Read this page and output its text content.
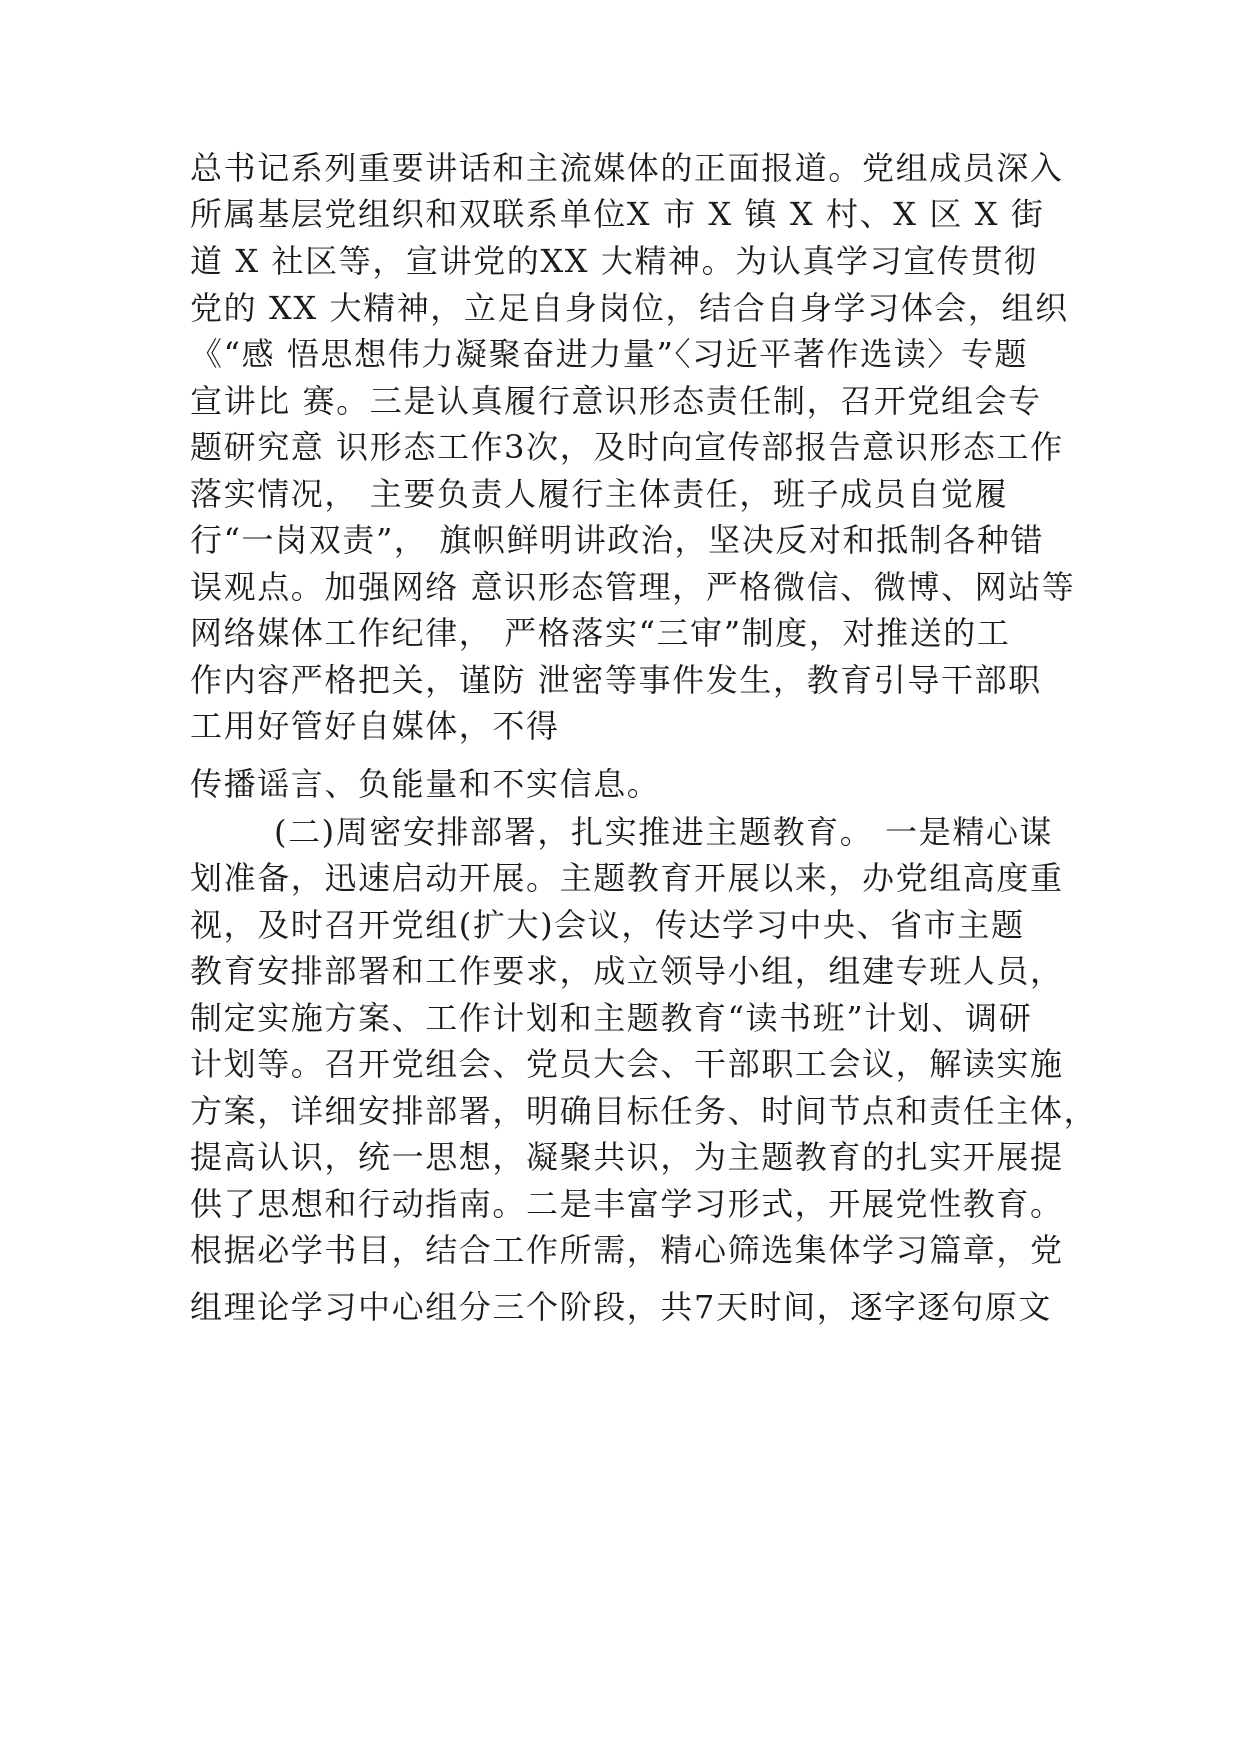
总书记系列重要讲话和主流媒体的正面报道。党组成员深入
所属基层党组织和双联系单位X 市 X 镇 X 村、X 区 X 街
道 X 社区等，宣讲党的XX 大精神。为认真学习宣传贯彻
党的 XX 大精神，立足自身岗位，结合自身学习体会，组织
《“感 悟思想伟力凝聚奋进力量”〈习近平著作选读〉专题
宣讲比 赛。三是认真履行意识形态责任制，召开党组会专
题研究意 识形态工作3次，及时向宣传部报告意识形态工作
落实情况， 主要负责人履行主体责任，班子成员自觉履
行“一岗双责”， 旗帜鲜明讲政治，坚决反对和抵制各种错
误观点。加强网络 意识形态管理，严格微信、微博、网站等
网络媒体工作纪律， 严格落实“三审”制度，对推送的工
作内容严格把关，谨防 泄密等事件发生，教育引导干部职
工用好管好自媒体，不得
传播谣言、负能量和不实信息。
(二)周密安排部署，扎实推进主题教育。 一是精心谋
划准备，迅速启动开展。主题教育开展以来，办党组高度重
视，及时召开党组(扩大)会议，传达学习中央、省市主题
教育安排部署和工作要求，成立领导小组，组建专班人员，
制定实施方案、工作计划和主题教育“读书班”计划、调研
计划等。召开党组会、党员大会、干部职工会议，解读实施
方案，详细安排部署，明确目标任务、时间节点和责任主体，
提高认识，统一思想，凝聚共识，为主题教育的扎实开展提
供了思想和行动指南。二是丰富学习形式，开展党性教育。
根据必学书目，结合工作所需，精心筛选集体学习篇章，党
组理论学习中心组分三个阶段，共7天时间，逐字逐句原文
